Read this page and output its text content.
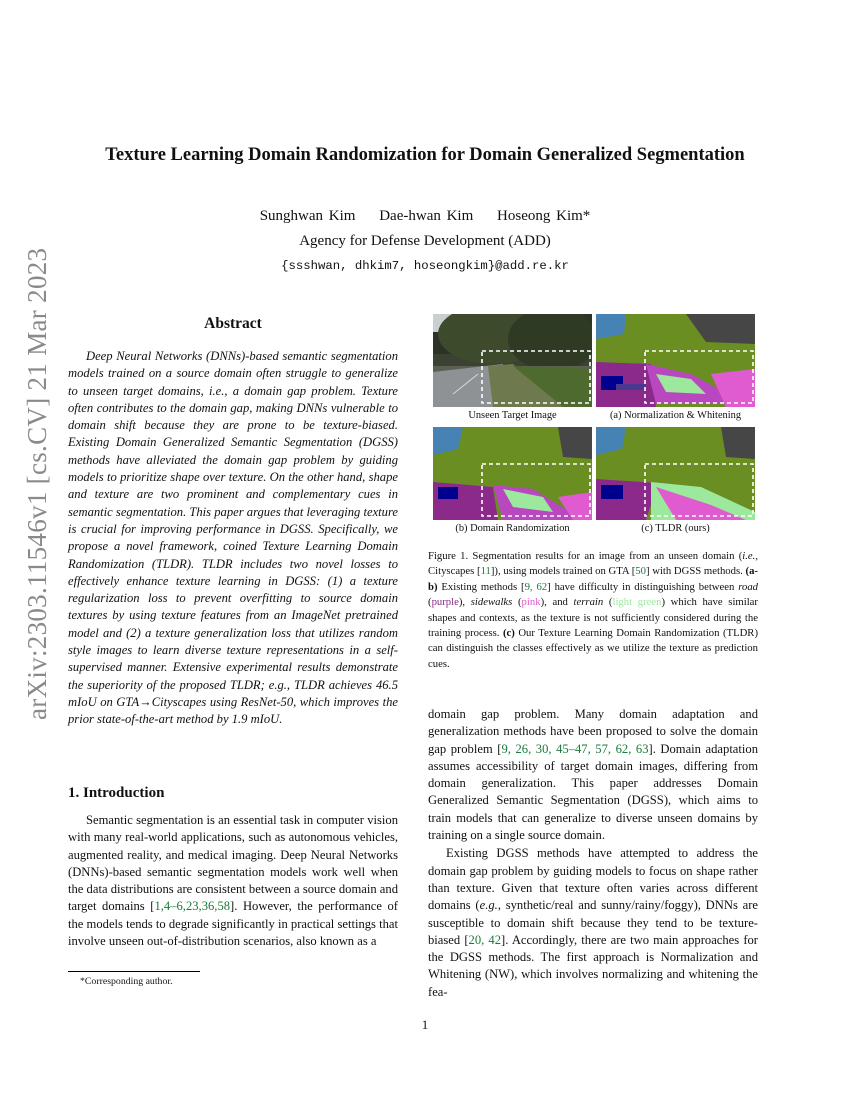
arXiv:2303.11546v1 [cs.CV] 21 Mar 2023
Texture Learning Domain Randomization for Domain Generalized Segmentation
Sunghwan Kim Dae-hwan Kim Hoseong Kim*
Agency for Defense Development (ADD)
{ssshwan, dhkim7, hoseongkim}@add.re.kr
Abstract
Deep Neural Networks (DNNs)-based semantic segmentation models trained on a source domain often struggle to generalize to unseen target domains, i.e., a domain gap problem. Texture often contributes to the domain gap, making DNNs vulnerable to domain shift because they are prone to be texture-biased. Existing Domain Generalized Semantic Segmentation (DGSS) methods have alleviated the domain gap problem by guiding models to prioritize shape over texture. On the other hand, shape and texture are two prominent and complementary cues in semantic segmentation. This paper argues that leveraging texture is crucial for improving performance in DGSS. Specifically, we propose a novel framework, coined Texture Learning Domain Randomization (TLDR). TLDR includes two novel losses to effectively enhance texture learning in DGSS: (1) a texture regularization loss to prevent overfitting to source domain textures by using texture features from an ImageNet pretrained model and (2) a texture generalization loss that utilizes random style images to learn diverse texture representations in a self-supervised manner. Extensive experimental results demonstrate the superiority of the proposed TLDR; e.g., TLDR achieves 46.5 mIoU on GTA→Cityscapes using ResNet-50, which improves the prior state-of-the-art method by 1.9 mIoU.
1. Introduction
Semantic segmentation is an essential task in computer vision with many real-world applications, such as autonomous vehicles, augmented reality, and medical imaging. Deep Neural Networks (DNNs)-based semantic segmentation models work well when the data distributions are consistent between a source domain and target domains [1,4–6,23,36,58]. However, the performance of the models tends to degrade significantly in practical settings that involve unseen out-of-distribution scenarios, also known as a
*Corresponding author.
1
Unseen Target Image	(a) Normalization & Whitening
(b) Domain Randomization	(c) TLDR (ours)
Figure 1. Segmentation results for an image from an unseen domain (i.e., Cityscapes [11]), using models trained on GTA [50] with DGSS methods. (a-b) Existing methods [9, 62] have difficulty in distinguishing between road (purple), sidewalks (pink), and terrain (light green) which have similar shapes and contexts, as the texture is not sufficiently considered during the training process. (c) Our Texture Learning Domain Randomization (TLDR) can distinguish the classes effectively as we utilize the texture as prediction cues.

domain gap problem. Many domain adaptation and generalization methods have been proposed to solve the domain gap problem [9, 26, 30, 45–47, 57, 62, 63]. Domain adaptation assumes accessibility of target domain images, differing from domain generalization. This paper addresses Domain Generalized Semantic Segmentation (DGSS), which aims to train models that can generalize to diverse unseen domains by training on a single source domain.

Existing DGSS methods have attempted to address the domain gap problem by guiding models to focus on shape rather than texture. Given that texture often varies across different domains (e.g., synthetic/real and sunny/rainy/foggy), DNNs are susceptible to domain shift because they tend to be texture-biased [20, 42]. Accordingly, there are two main approaches for the DGSS methods. The first approach is Normalization and Whitening (NW), which involves normalizing and whitening the fea-
